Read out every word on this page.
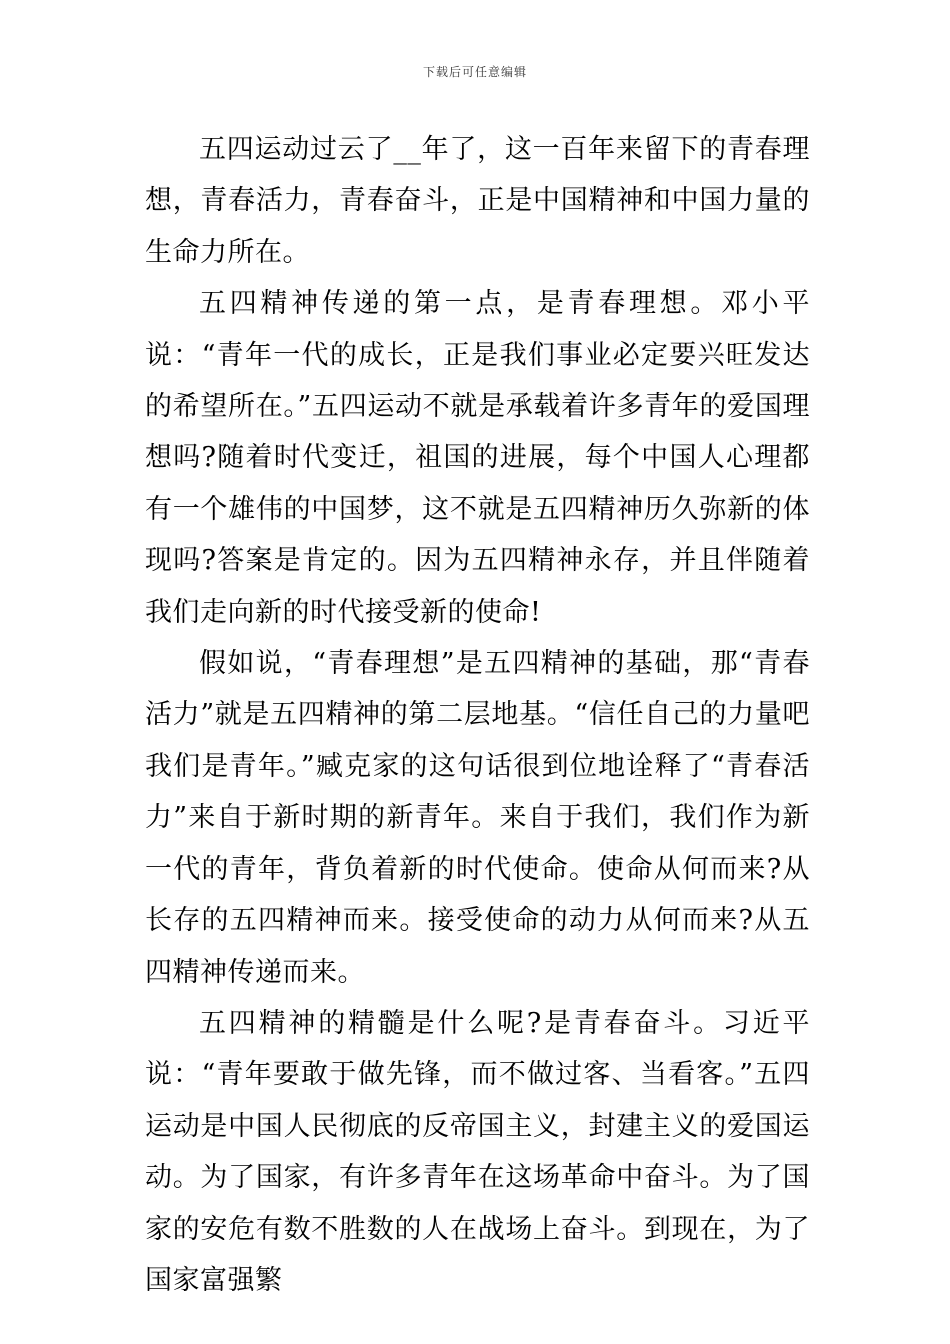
下载后可任意编辑

五四运动过云了__年了，这一百年来留下的青春理想，青春活力，青春奋斗，正是中国精神和中国力量的生命力所在。

五四精神传递的第一点，是青春理想。邓小平说：“青年一代的成长，正是我们事业必定要兴旺发达的希望所在。”五四运动不就是承载着许多青年的爱国理想吗?随着时代变迁，祖国的进展，每个中国人心理都有一个雄伟的中国梦，这不就是五四精神历久弥新的体现吗?答案是肯定的。因为五四精神永存，并且伴随着我们走向新的时代接受新的使命!

假如说，“青春理想”是五四精神的基础，那“青春活力”就是五四精神的第二层地基。“信任自己的力量吧我们是青年。”臧克家的这句话很到位地诠释了“青春活力”来自于新时期的新青年。来自于我们，我们作为新一代的青年，背负着新的时代使命。使命从何而来?从长存的五四精神而来。接受使命的动力从何而来?从五四精神传递而来。

五四精神的精髓是什么呢?是青春奋斗。习近平说：“青年要敢于做先锋，而不做过客、当看客。”五四运动是中国人民彻底的反帝国主义，封建主义的爱国运动。为了国家，有许多青年在这场革命中奋斗。为了国家的安危有数不胜数的人在战场上奋斗。到现在，为了国家富强繁
